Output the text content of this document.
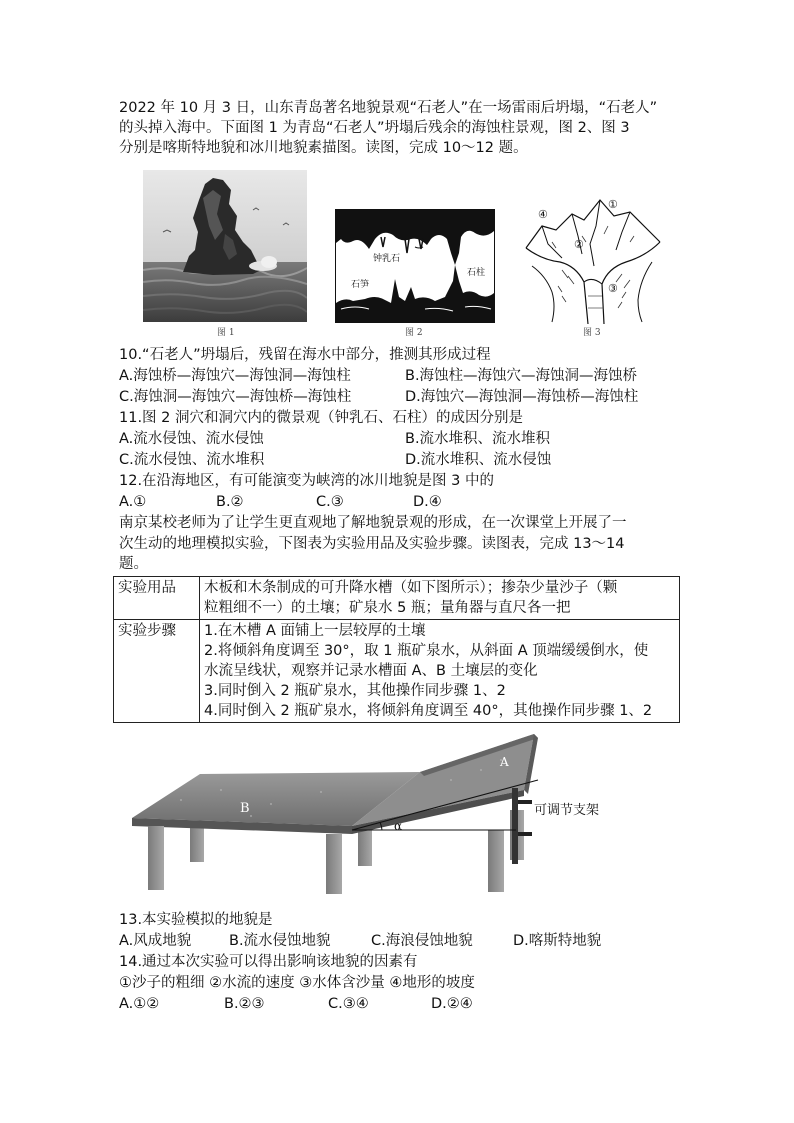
2022 年 10 月 3 日，山东青岛著名地貌景观“石老人”在一场雷雨后坍塌，“石老人”
的头掉入海中。下面图 1 为青岛“石老人”坍塌后残余的海蚀柱景观，图 2、图 3
分别是喀斯特地貌和冰川地貌素描图。读图，完成 10～12 题。
图 1
钟乳石
石柱
石笋
图 2
①
②
③
④
图 3
10.“石老人”坍塌后，残留在海水中部分，推测其形成过程
A.海蚀桥—海蚀穴—海蚀洞—海蚀柱	B.海蚀柱—海蚀穴—海蚀洞—海蚀桥
C.海蚀洞—海蚀穴—海蚀桥—海蚀柱	D.海蚀穴—海蚀洞—海蚀桥—海蚀柱
11.图 2 洞穴和洞穴内的微景观（钟乳石、石柱）的成因分别是
A.流水侵蚀、流水侵蚀	B.流水堆积、流水堆积
C.流水侵蚀、流水堆积	D.流水堆积、流水侵蚀
12.在沿海地区，有可能演变为峡湾的冰川地貌是图 3 中的
A.①	B.②	C.③	D.④
南京某校老师为了让学生更直观地了解地貌景观的形成，在一次课堂上开展了一
次生动的地理模拟实验，下图表为实验用品及实验步骤。读图表，完成 13～14
题。
实验用品	木板和木条制成的可升降水槽（如下图所示）；掺杂少量沙子（颗
粒粗细不一）的土壤；矿泉水 5 瓶；量角器与直尺各一把

实验步骤	1.在木槽 A 面铺上一层较厚的土壤
2.将倾斜角度调至 30°，取 1 瓶矿泉水，从斜面 A 顶端缓缓倒水，使
水流呈线状，观察并记录水槽面 A、B 土壤层的变化
3.同时倒入 2 瓶矿泉水，其他操作同步骤 1、2
4.同时倒入 2 瓶矿泉水，将倾斜角度调至 40°，其他操作同步骤 1、2
B
A
α
可调节支架
13.本实验模拟的地貌是
A.风成地貌	B.流水侵蚀地貌	C.海浪侵蚀地貌	D.喀斯特地貌
14.通过本次实验可以得出影响该地貌的因素有
①沙子的粗细 ②水流的速度 ③水体含沙量 ④地形的坡度
A.①②	B.②③	C.③④	D.②④
